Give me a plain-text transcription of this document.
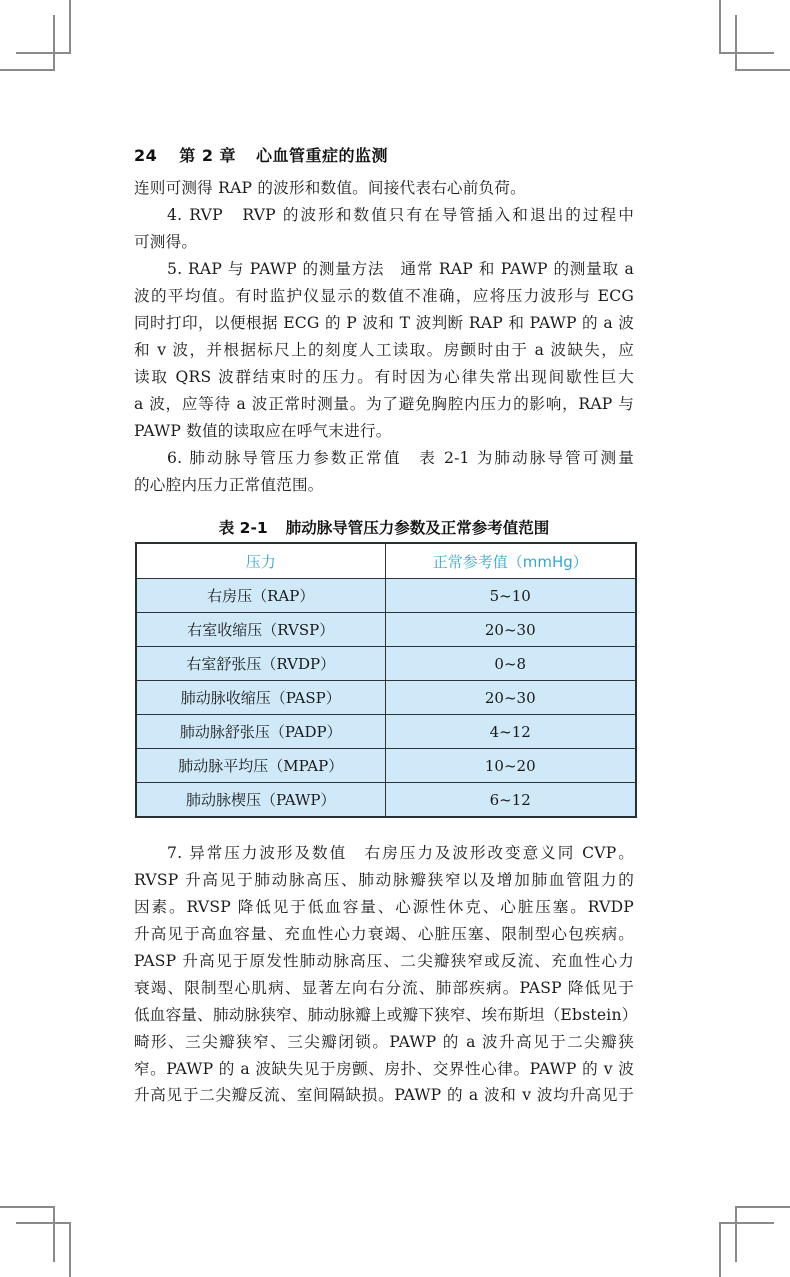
24 第 2 章 心血管重症的监测
连则可测得 RAP 的波形和数值。间接代表右心前负荷。
4. RVP　RVP 的波形和数值只有在导管插入和退出的过程中
可测得。
5. RAP 与 PAWP 的测量方法　通常 RAP 和 PAWP 的测量取 a
波的平均值。有时监护仪显示的数值不准确，应将压力波形与 ECG
同时打印，以便根据 ECG 的 P 波和 T 波判断 RAP 和 PAWP 的 a 波
和 v 波，并根据标尺上的刻度人工读取。房颤时由于 a 波缺失，应
读取 QRS 波群结束时的压力。有时因为心律失常出现间歇性巨大
a 波，应等待 a 波正常时测量。为了避免胸腔内压力的影响，RAP 与
PAWP 数值的读取应在呼气末进行。
6. 肺动脉导管压力参数正常值　表 2-1 为肺动脉导管可测量
的心腔内压力正常值范围。
表 2-1 肺动脉导管压力参数及正常参考值范围
压力	正常参考值（mmHg）
右房压（RAP）	5~10
右室收缩压（RVSP）	20~30
右室舒张压（RVDP）	0~8
肺动脉收缩压（PASP）	20~30
肺动脉舒张压（PADP）	4~12
肺动脉平均压（MPAP）	10~20
肺动脉楔压（PAWP）	6~12
7. 异常压力波形及数值　右房压力及波形改变意义同 CVP。
RVSP 升高见于肺动脉高压、肺动脉瓣狭窄以及增加肺血管阻力的
因素。RVSP 降低见于低血容量、心源性休克、心脏压塞。RVDP
升高见于高血容量、充血性心力衰竭、心脏压塞、限制型心包疾病。
PASP 升高见于原发性肺动脉高压、二尖瓣狭窄或反流、充血性心力
衰竭、限制型心肌病、显著左向右分流、肺部疾病。PASP 降低见于
低血容量、肺动脉狭窄、肺动脉瓣上或瓣下狭窄、埃布斯坦（Ebstein）
畸形、三尖瓣狭窄、三尖瓣闭锁。PAWP 的 a 波升高见于二尖瓣狭
窄。PAWP 的 a 波缺失见于房颤、房扑、交界性心律。PAWP 的 v 波
升高见于二尖瓣反流、室间隔缺损。PAWP 的 a 波和 v 波均升高见于
